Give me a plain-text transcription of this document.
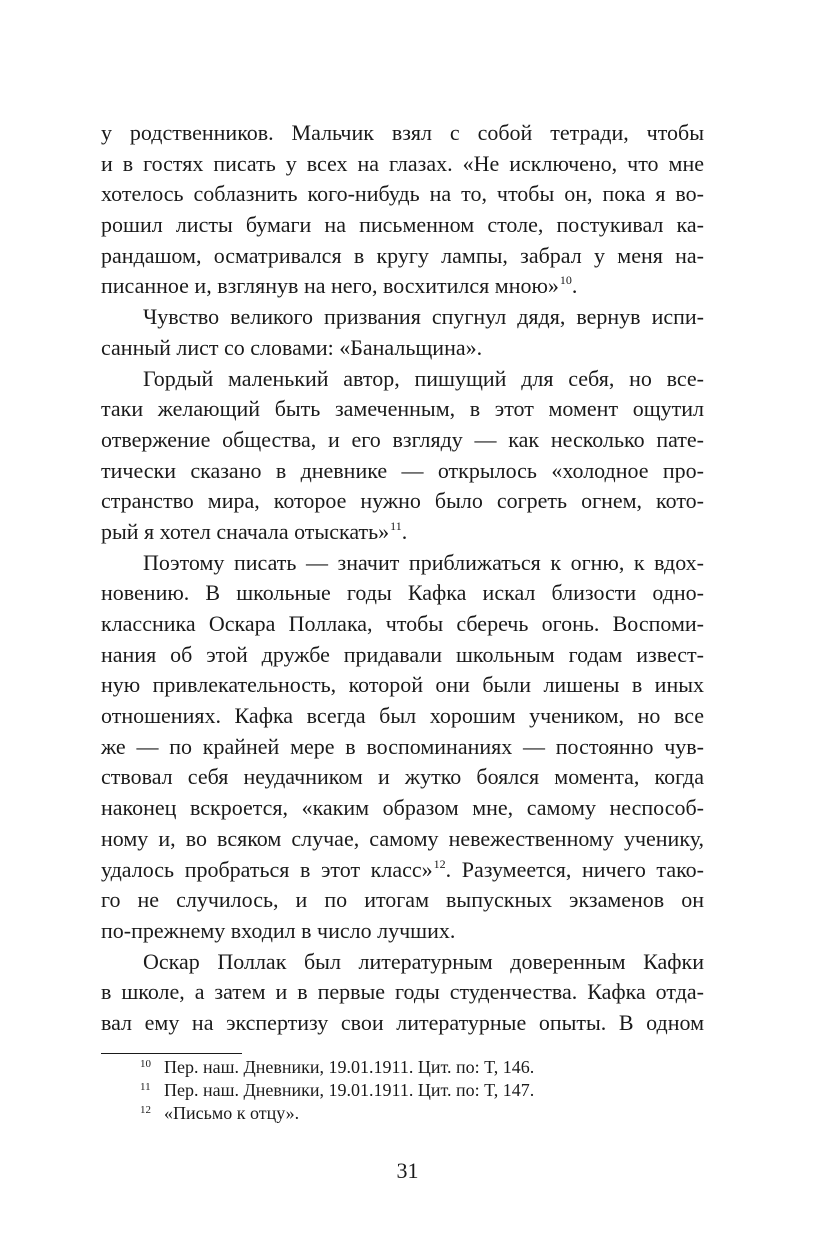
у родственников. Мальчик взял с собой тетради, чтобы
и в гостях писать у всех на глазах. «Не исключено, что мне
хотелось соблазнить кого-нибудь на то, чтобы он, пока я во-
рошил листы бумаги на письменном столе, постукивал ка-
рандашом, осматривался в кругу лампы, забрал у меня на-
писанное и, взглянув на него, восхитился мною»$^{10}$.
Чувство великого призвания спугнул дядя, вернув испи-
санный лист со словами: «Банальщина».
Гордый маленький автор, пишущий для себя, но все-
таки желающий быть замеченным, в этот момент ощутил
отвержение общества, и его взгляду — как несколько пате-
тически сказано в дневнике — открылось «холодное про-
странство мира, которое нужно было согреть огнем, кото-
рый я хотел сначала отыскать»$^{11}$.
Поэтому писать — значит приближаться к огню, к вдох-
новению. В школьные годы Кафка искал близости одно-
классника Оскара Поллака, чтобы сберечь огонь. Воспоми-
нания об этой дружбе придавали школьным годам извест-
ную привлекательность, которой они были лишены в иных
отношениях. Кафка всегда был хорошим учеником, но все
же — по крайней мере в воспоминаниях — постоянно чув-
ствовал себя неудачником и жутко боялся момента, когда
наконец вскроется, «каким образом мне, самому неспособ-
ному и, во всяком случае, самому невежественному ученику,
удалось пробраться в этот класс»$^{12}$. Разумеется, ничего тако-
го не случилось, и по итогам выпускных экзаменов он
по-прежнему входил в число лучших.
Оскар Поллак был литературным доверенным Кафки
в школе, а затем и в первые годы студенчества. Кафка отда-
вал ему на экспертизу свои литературные опыты. В одном
10 Пер. наш. Дневники, 19.01.1911. Цит. по: T, 146.
11 Пер. наш. Дневники, 19.01.1911. Цит. по: T, 147.
12 «Письмо к отцу».
31
